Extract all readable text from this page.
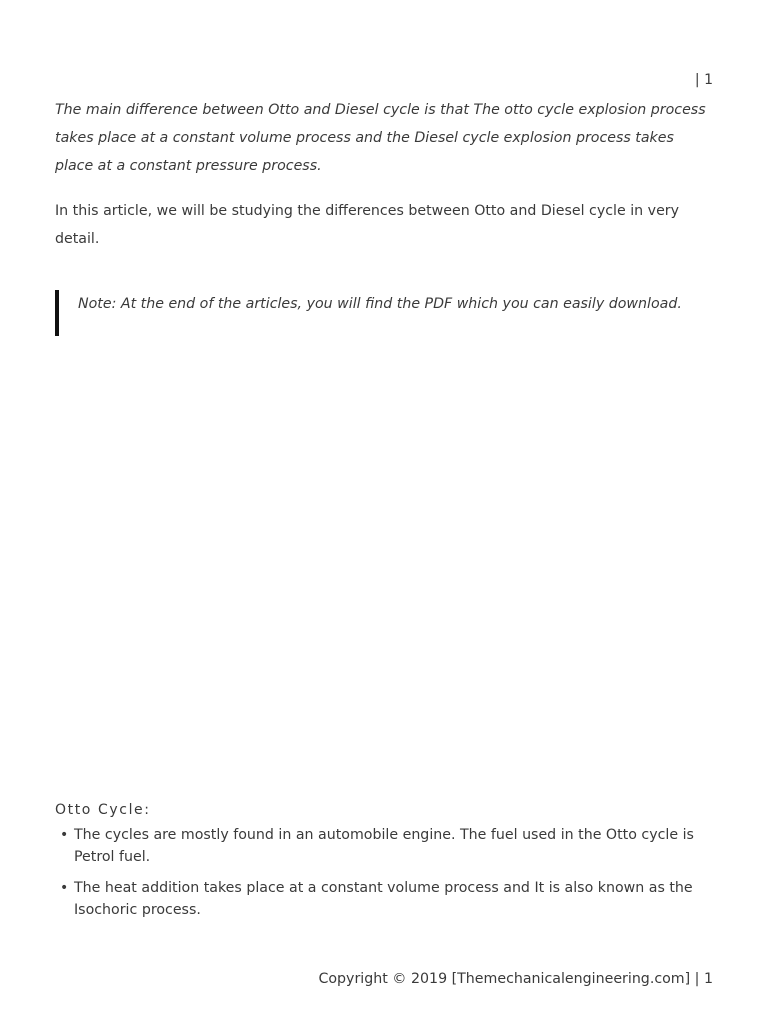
| 1

The main difference between Otto and Diesel cycle is that The otto cycle explosion process takes place at a constant volume process and the Diesel cycle explosion process takes place at a constant pressure process.

In this article, we will be studying the differences between Otto and Diesel cycle in very detail.

Note: At the end of the articles, you will find the PDF which you can easily download.
Otto Cycle:
• The cycles are mostly found in an automobile engine. The fuel used in the Otto cycle is Petrol fuel.
• The heat addition takes place at a constant volume process and It is also known as the Isochoric process.
Copyright © 2019 [Themechanicalengineering.com] | 1
